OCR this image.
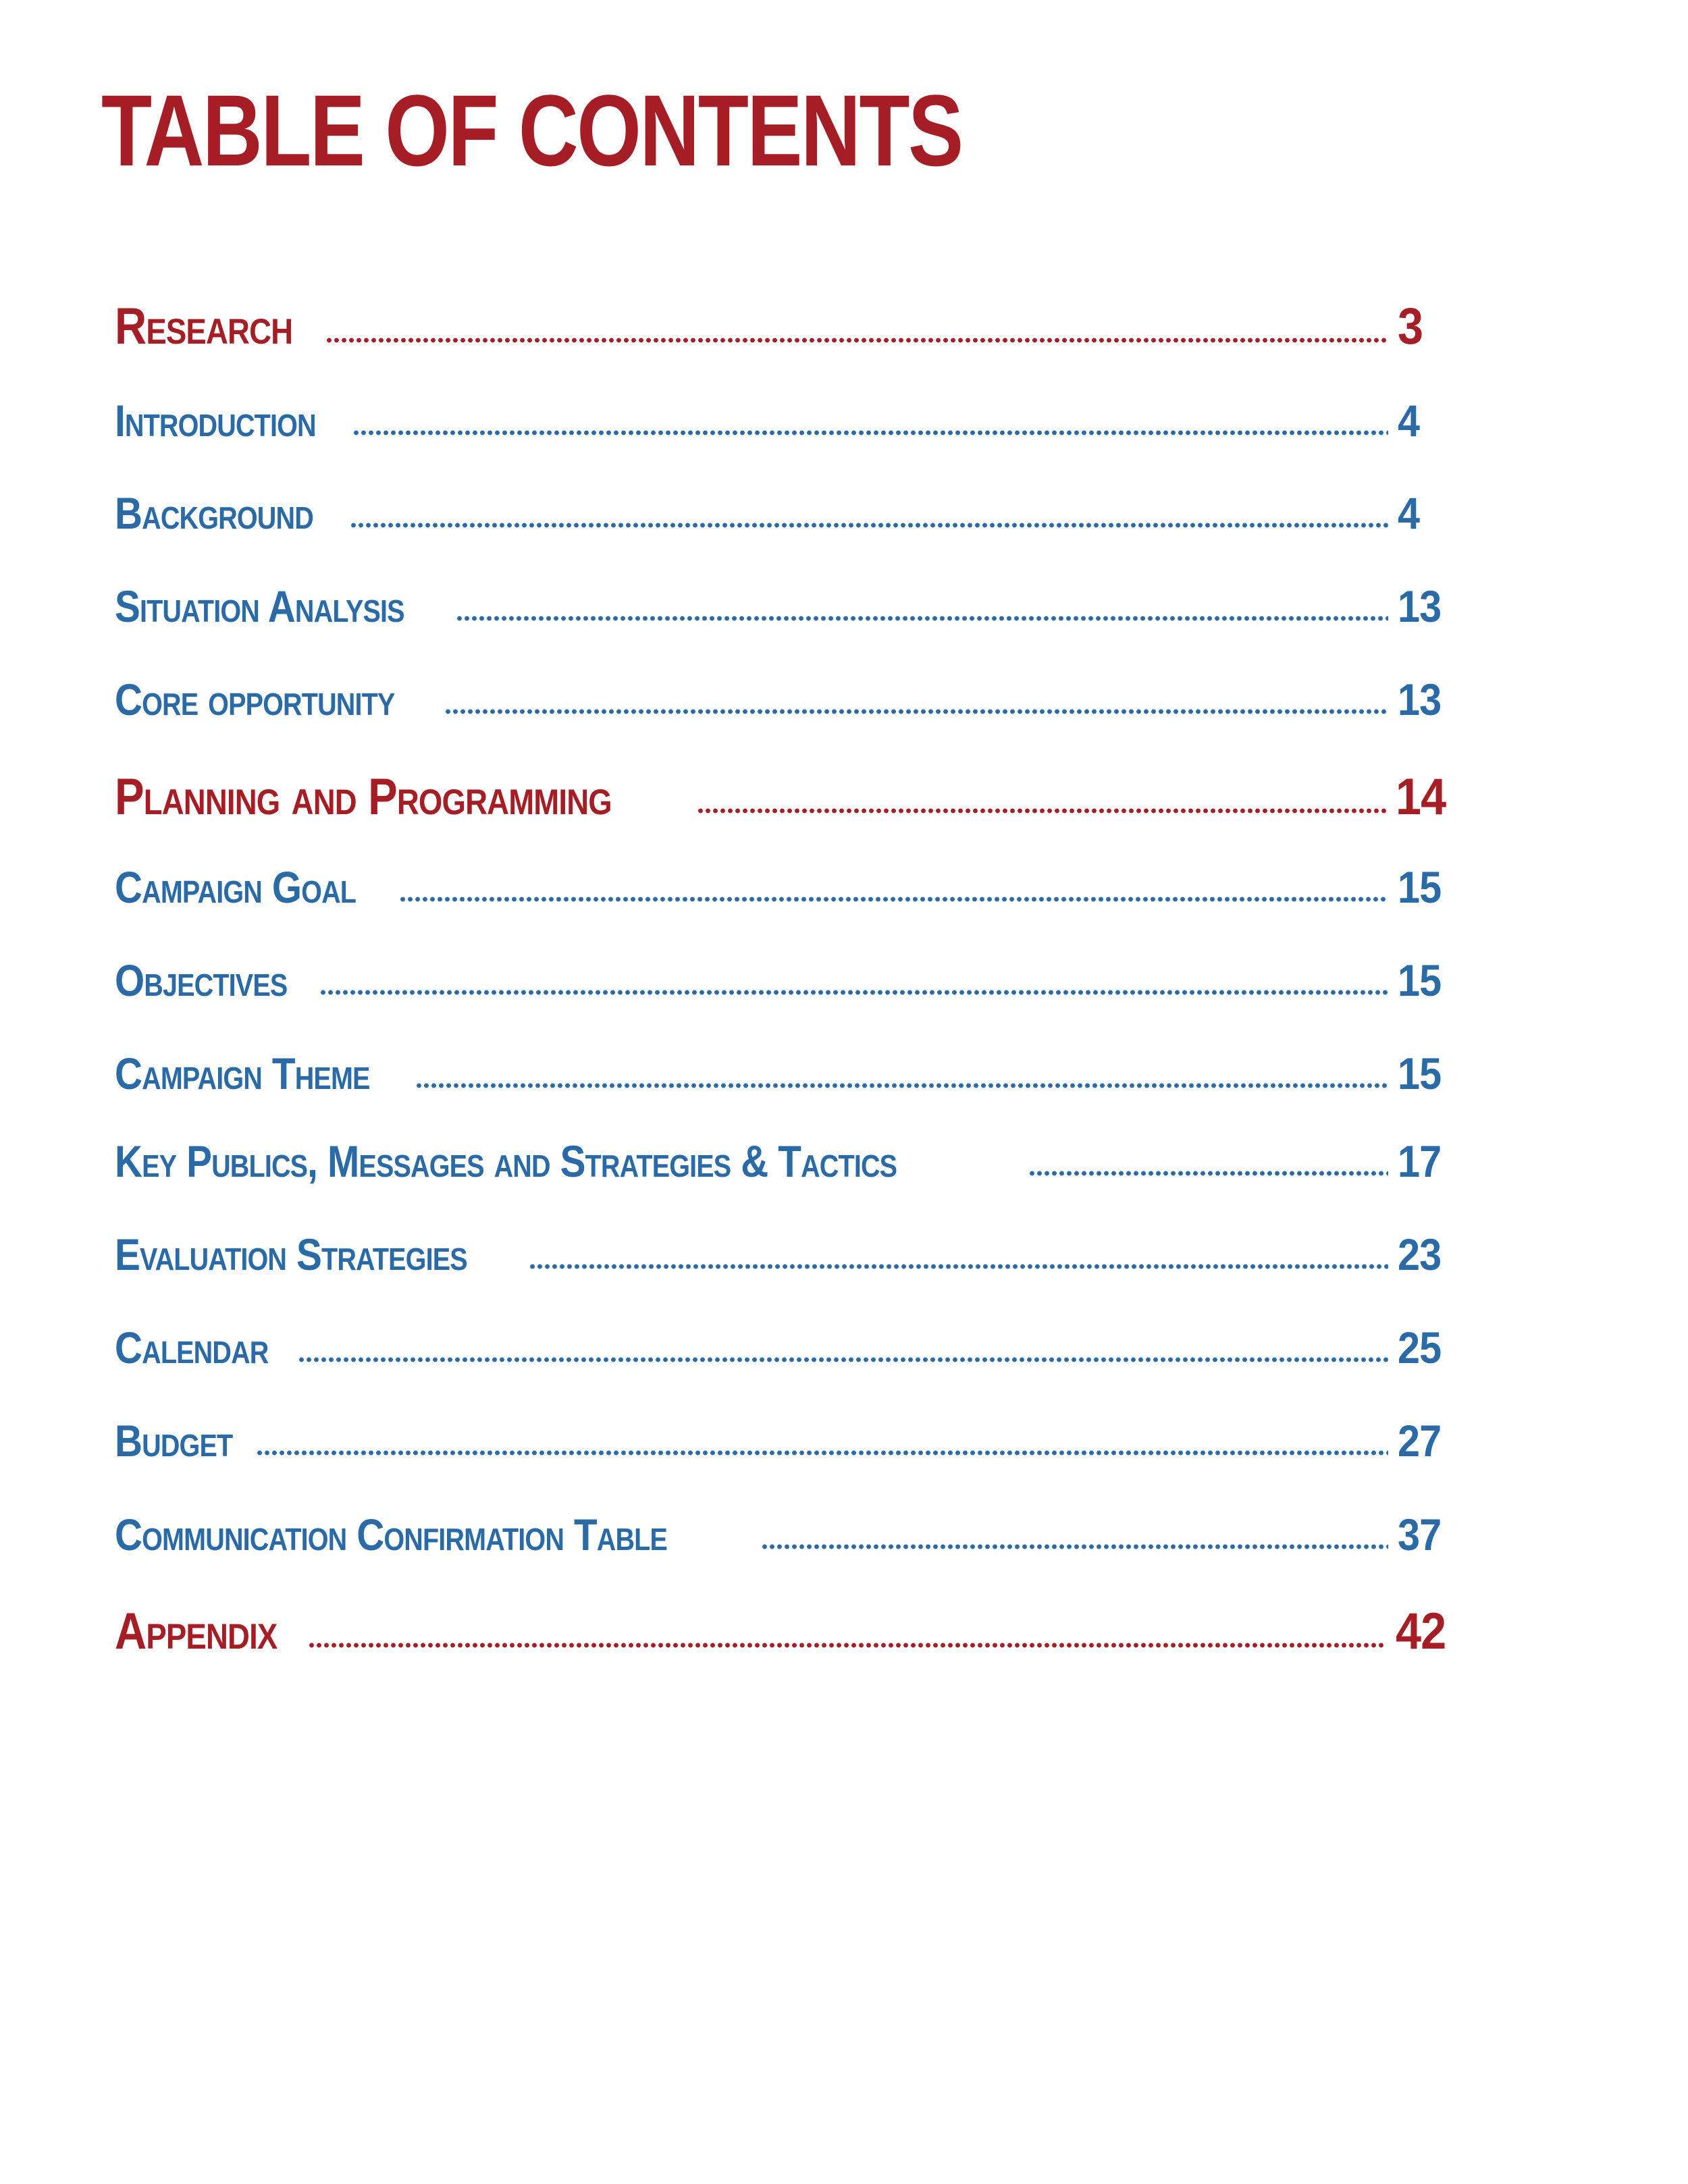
TABLE OF CONTENTS
Research	3
Introduction	4
Background	4
Situation Analysis	13
Core opportunity	13
Planning and Programming	14
Campaign Goal	15
Objectives	15
Campaign Theme	15
Key Publics, Messages and Strategies & Tactics	17
Evaluation Strategies	23
Calendar	25
Budget	27
Communication Confirmation Table	37
Appendix	42
